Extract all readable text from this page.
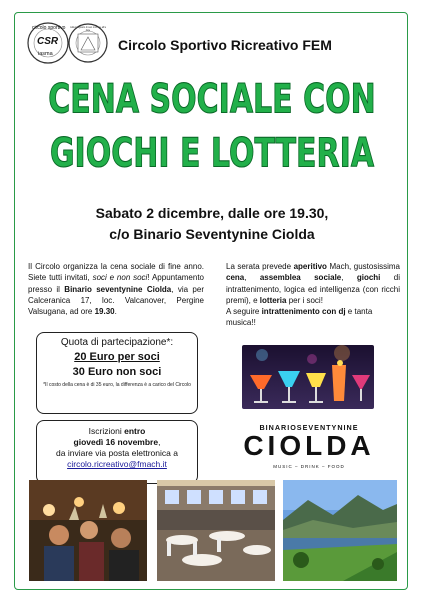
circolo sportivo
CSR
iasma
istituto agrario di san michele all'adige
Circolo Sportivo Ricreativo FEM
CENA SOCIALE CON
GIOCHI E LOTTERIA
Sabato 2 dicembre, dalle ore 19.30,
c/o Binario Seventynine Ciolda
Il Circolo organizza la cena sociale di fine anno. Siete tutti invitati, soci e non soci! Appuntamento presso il Binario seventynine Ciolda, via per Calceranica 17, loc. Valcanover, Pergine Valsugana, ad ore 19.30.

La serata prevede aperitivo Mach, gustosissima cena, assemblea sociale, giochi di intrattenimento, logica ed intelligenza (con ricchi premi), e lotteria per i soci!

A seguire intrattenimento con dj e tanta musica!!

Quota di partecipazione*:
20 Euro per soci
30 Euro non soci
*Il costo della cena è di 35 euro, la differenza è a carico del Circolo
Iscrizioni entro
giovedì 16 novembre,
da inviare via posta elettronica a
circolo.ricreativo@fmach.it
BINARIOSEVENTYNINE
CIOLDA
MUSIC – DRINK – FOOD
